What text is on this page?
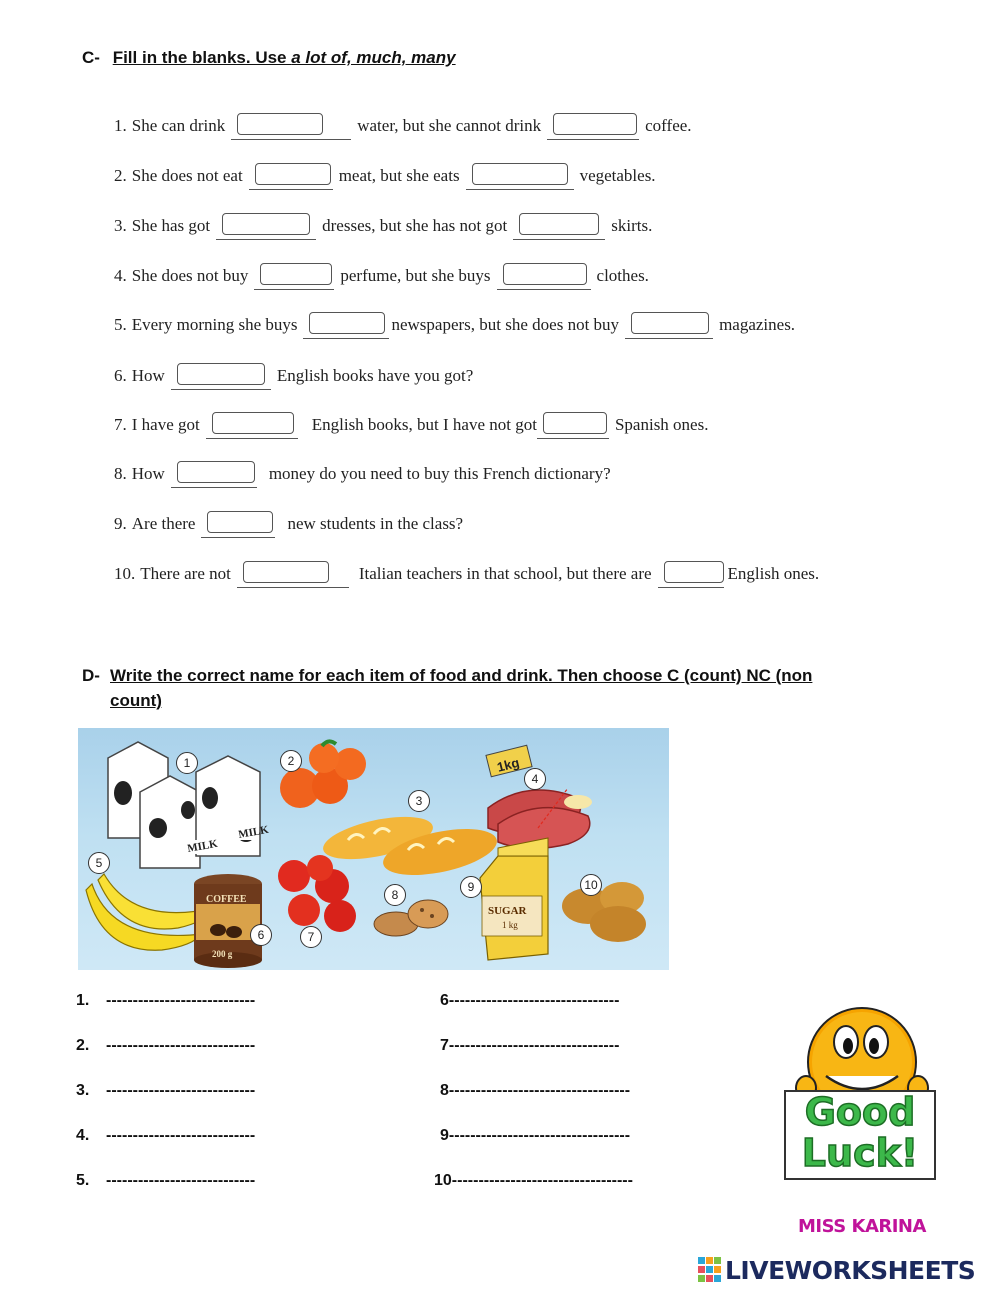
C- Fill in the blanks. Use a lot of, much, many
1. She can drink	water, but she cannot drink	coffee.
2. She does not eat	meat, but she eats	vegetables.
3. She has got	dresses, but she has not got	skirts.
4. She does not buy	perfume, but she buys	clothes.
5. Every morning she buys	newspapers, but she does not buy	magazines.
6. How	English books have you got?
7. I have got	English books, but I have not got	Spanish ones.
8. How	money do you need to buy this French dictionary?
9. Are there	new students in the class?
10. There are not	Italian teachers in that school, but there are	English ones.
D- Write the correct name for each item of food and drink. Then choose C (count) NC (non
count)
MILK
MILK
1kg
COFFEE
200 g
SUGAR
1 kg
1	2
3
4
5
6	7
8
9	10
1. ----------------------------
2. ----------------------------
3. ----------------------------
4. ----------------------------
5. ----------------------------
6--------------------------------
7--------------------------------
8----------------------------------
9----------------------------------
10----------------------------------
Good
Luck!
MISS KARINA
LIVEWORKSHEETS
